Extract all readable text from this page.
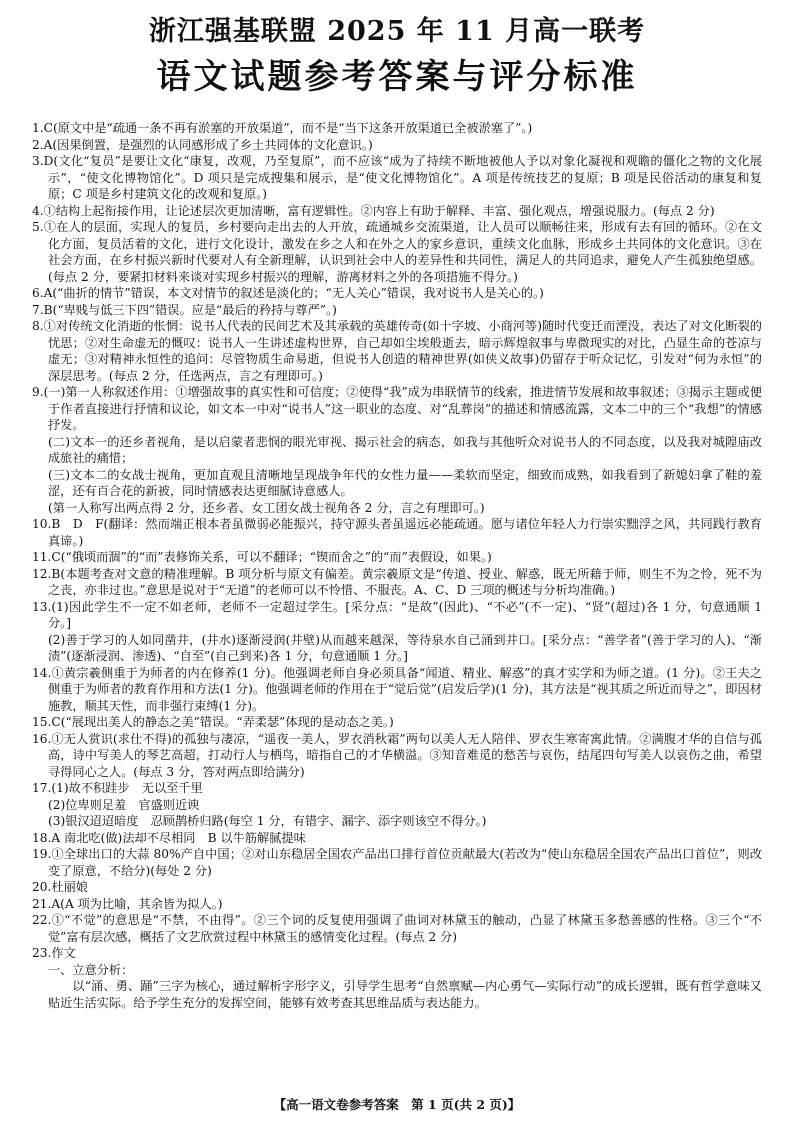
浙江强基联盟 2025 年 11 月高一联考
语文试题参考答案与评分标准

1.C(原文中是“疏通一条不再有淤塞的开放渠道”，而不是“当下这条开放渠道已全被淤塞了”。)

2.A(因果倒置，是强烈的认同感形成了乡土共同体的文化意识。)

3.D(文化“复员”是要让文化“康复，改观，乃至复原”，而不应该“成为了持续不断地被他人予以对象化凝视和观瞻的僵化之物的文化展示”，“使文化博物馆化”。D 项只是完成搜集和展示，是“使文化博物馆化”。A 项是传统技艺的复原；B 项是民俗活动的康复和复原；C 项是乡村建筑文化的改观和复原。)

4.①结构上起衔接作用，让论述层次更加清晰，富有逻辑性。②内容上有助于解释、丰富、强化观点，增强说服力。(每点 2 分)

5.①在人的层面，实现人的复员，乡村要向走出去的人开放，疏通城乡交流渠道，让人员可以顺畅往来，形成有去有回的循环。②在文化方面，复员活着的文化，进行文化设计，激发在乡之人和在外之人的家乡意识，重续文化血脉，形成乡土共同体的文化意识。③在社会方面，在乡村振兴新时代要对人有全新理解，认识到社会中人的差异性和共同性，满足人的共同追求，避免人产生孤独绝望感。(每点 2 分，要紧扣材料来谈对实现乡村振兴的理解，游离材料之外的各项措施不得分。)

6.A(“曲折的情节”错误，本文对情节的叙述是淡化的；“无人关心”错误，我对说书人是关心的。)

7.B(“卑贱与低三下四”错误。应是“最后的矜持与尊严”。)

8.①对传统文化消逝的怅惘：说书人代表的民间艺术及其承载的英雄传奇(如十字坡、小商河等)随时代变迁而湮没，表达了对文化断裂的忧思；②对生命虚无的慨叹：说书人一生讲述虚构世界，自己却如尘埃般逝去，暗示辉煌叙事与卑微现实的对比，凸显生命的苍凉与虚无；③对精神永恒性的追问：尽管物质生命易逝，但说书人创造的精神世界(如侠义故事)仍留存于听众记忆，引发对“何为永恒”的深层思考。(每点 2 分，任选两点，言之有理即可。)

9.(一)第一人称叙述作用：①增强故事的真实性和可信度；②使得“我”成为串联情节的线索，推进情节发展和故事叙述；③揭示主题或便于作者直接进行抒情和议论，如文本一中对“说书人”这一职业的态度、对“乱葬岗”的描述和情感流露，文本二中的三个“我想”的情感抒发。

(二)文本一的还乡者视角，是以启蒙者悲悯的眼光审视、揭示社会的病态，如我与其他听众对说书人的不同态度，以及我对城隍庙改成旅社的痛惜；

(三)文本二的女战士视角，更加直观且清晰地呈现战争年代的女性力量——柔软而坚定，细致而成熟，如我看到了新媳妇拿了鞋的羞涩，还有百合花的新被，同时情感表达更细腻诗意感人。

(第一人称写出两点得 2 分，还乡者、女工团女战士视角各 2 分，言之有理即可。)

10.B　D　F(翻译：然而端正根本者虽微弱必能振兴，持守源头者虽遥远必能疏通。愿与诸位年轻人力行崇实黜浮之风，共同践行教育真谛。)

11.C(“俄顷而涸”的“而”表修饰关系，可以不翻译；“锲而舍之”的“而”表假设，如果。)

12.B(本题考查对文意的精准理解。B 项分析与原文有偏差。黄宗羲原文是“传道、授业、解惑，既无所藉于师，则生不为之怜，死不为之丧，亦非过也。”意思是说对于“无道”的老师可以不怜惜、不服丧。A、C、D 三项的概述与分析均准确。)

13.(1)因此学生不一定不如老师，老师不一定超过学生。[采分点：“是故”(因此)、“不必”(不一定)、“贤”(超过)各 1 分，句意通顺 1 分。]

(2)善于学习的人如同凿井，(井水)逐渐浸润(井壁)从而越来越深，等待泉水自己涌到井口。[采分点：“善学者”(善于学习的人)、“渐渍”(逐渐浸润、渗透)、“自至”(自己到来)各 1 分，句意通顺 1 分。]

14.①黄宗羲侧重于为师者的内在修养(1 分)。他强调老师自身必须具备“闻道、精业、解惑”的真才实学和为师之道。(1 分)。②王夫之侧重于为师者的教育作用和方法(1 分)。他强调老师的作用在于“觉后觉”(启发后学)(1 分)，其方法是“视其质之所近而导之”，即因材施教，顺其天性，而非强行束缚(1 分)。

15.C(“展现出美人的静态之美”错误。“弄柔瑟”体现的是动态之美。)

16.①无人赏识(求仕不得)的孤独与凄凉，“遥夜一美人，罗衣消秋霜”两句以美人无人陪伴、罗衣生寒寄寓此情。②满腹才华的自信与孤高，诗中写美人的琴艺高超，打动行人与栖鸟，暗指自己的才华横溢。③知音难觅的愁苦与哀伤，结尾四句写美人以哀伤之曲，希望寻得同心之人。(每点 3 分，答对两点即给满分)

17.(1)故不积跬步　无以至千里

(2)位卑则足羞　官盛则近谀

(3)银汉迢迢暗度　忍顾鹊桥归路(每空 1 分，有错字、漏字、添字则该空不得分。)

18.A 南北吃(做)法却不尽相同　B 以牛筋解腻提味

19.①全球出口的大蒜 80%产自中国；②对山东稳居全国农产品出口排行首位贡献最大(若改为“使山东稳居全国农产品出口首位”，则改变了原意，不给分)(每处 2 分)

20.杜丽娘

21.A(A 项为比喻，其余皆为拟人。)

22.①“不觉”的意思是“不禁，不由得”。②三个词的反复使用强调了曲词对林黛玉的触动，凸显了林黛玉多愁善感的性格。③三个“不觉”富有层次感，概括了文艺欣赏过程中林黛玉的感情变化过程。(每点 2 分)

23.作文

一、立意分析：

以“涌、勇、踊”三字为核心，通过解析字形字义，引导学生思考“自然禀赋—内心勇气—实际行动”的成长逻辑，既有哲学意味又贴近生活实际。给予学生充分的发挥空间，能够有效考查其思维品质与表达能力。

【高一语文卷参考答案　第 1 页(共 2 页)】
